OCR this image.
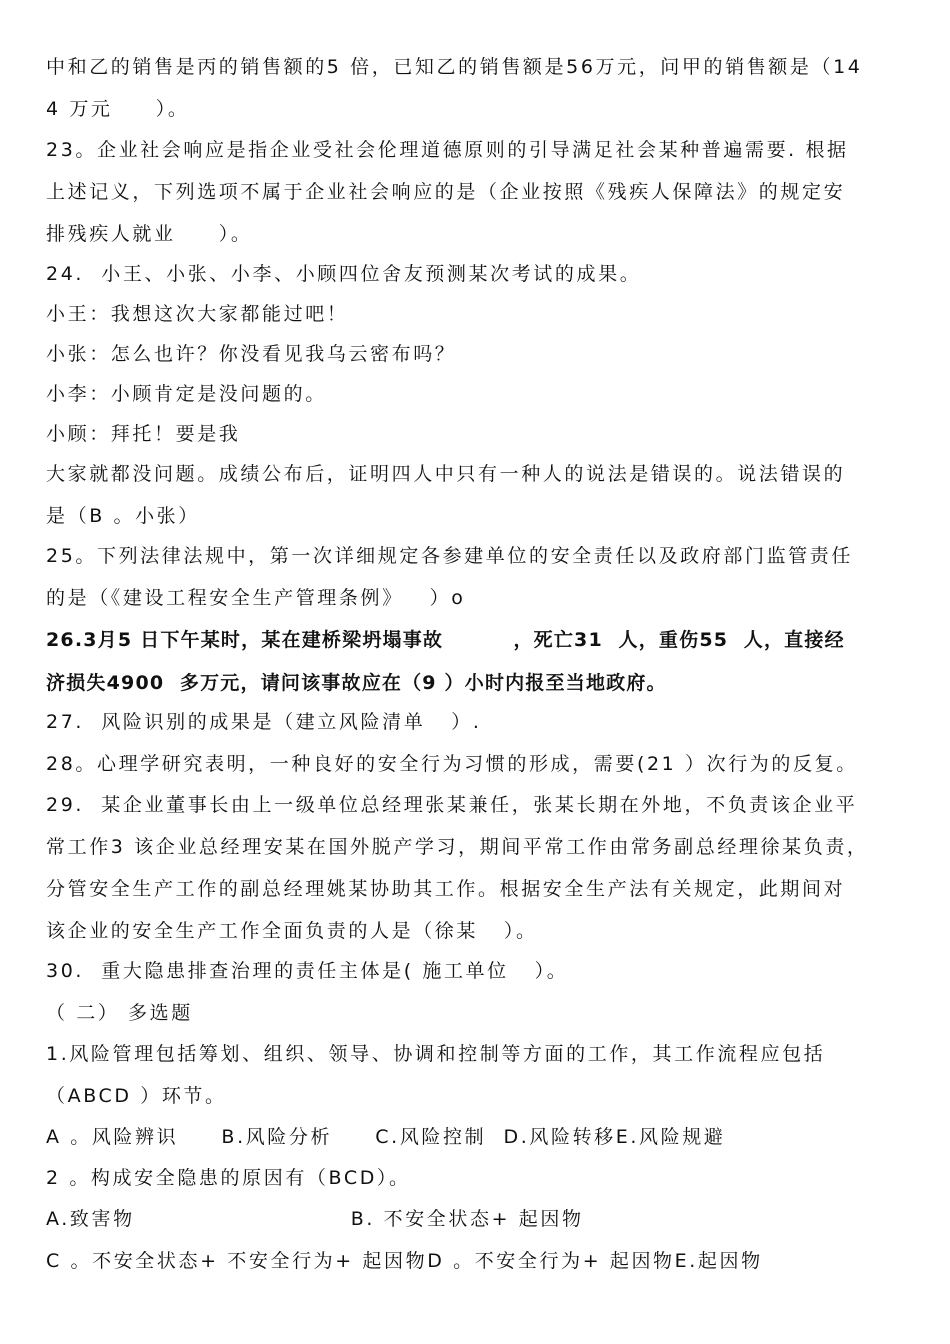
中和乙的销售是丙的销售额的5 倍，已知乙的销售额是56万元，问甲的销售额是（14
4 万元     ）。
23。企业社会响应是指企业受社会伦理道德原则的引导满足社会某种普遍需要. 根据
上述记义，下列选项不属于企业社会响应的是（企业按照《残疾人保障法》的规定安
排残疾人就业     ）。
24.  小王、小张、小李、小顾四位舍友预测某次考试的成果。
小王：我想这次大家都能过吧！
小张：怎么也许？你没看见我乌云密布吗？
小李：小顾肯定是没问题的。
小顾：拜托！要是我
大家就都没问题。成绩公布后，证明四人中只有一种人的说法是错误的。说法错误的
是（B 。小张）
25。下列法律法规中，第一次详细规定各参建单位的安全责任以及政府部门监管责任
的是（《建设工程安全生产管理条例》   ）o
26.3月5 日下午某时，某在建桥梁坍塌事故         ，死亡31  人，重伤55  人，直接经
济损失4900  多万元，请问该事故应在（9 ）小时内报至当地政府。
27.  风险识别的成果是（建立风险清单   ）.
28。心理学研究表明，一种良好的安全行为习惯的形成，需要(21 ）次行为的反复。
29.  某企业董事长由上一级单位总经理张某兼任，张某长期在外地，不负责该企业平
常工作3 该企业总经理安某在国外脱产学习，期间平常工作由常务副总经理徐某负责，
分管安全生产工作的副总经理姚某协助其工作。根据安全生产法有关规定，此期间对
该企业的安全生产工作全面负责的人是（徐某   ）。
30.  重大隐患排查治理的责任主体是( 施工单位   ）。
（ 二） 多选题
1.风险管理包括筹划、组织、领导、协调和控制等方面的工作，其工作流程应包括
（ABCD ）环节。
A 。风险辨识     B.风险分析     C.风险控制  D.风险转移E.风险规避
2 。构成安全隐患的原因有（BCD）。
A.致害物                         B. 不安全状态+ 起因物
C 。不安全状态+ 不安全行为+ 起因物D 。不安全行为+ 起因物E.起因物
